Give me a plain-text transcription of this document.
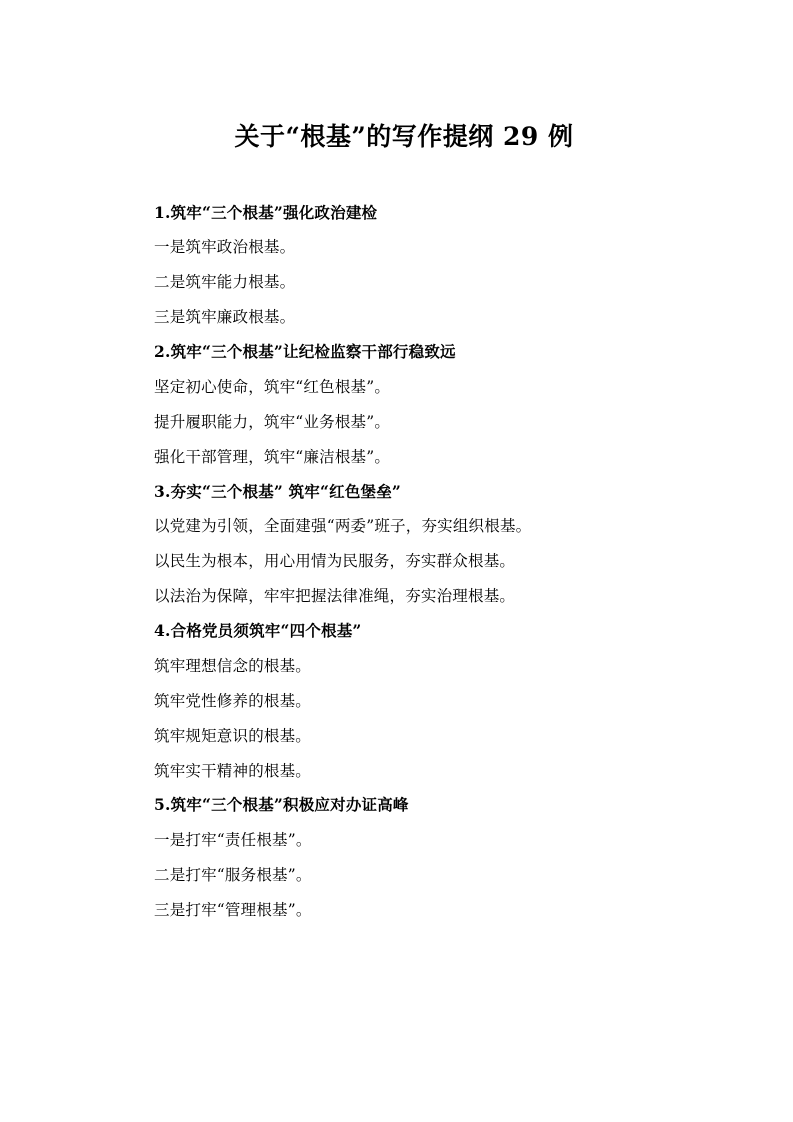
关于“根基”的写作提纲 29 例
1.筑牢“三个根基”强化政治建检
一是筑牢政治根基。
二是筑牢能力根基。
三是筑牢廉政根基。
2.筑牢“三个根基”让纪检监察干部行稳致远
坚定初心使命，筑牢“红色根基”。
提升履职能力，筑牢“业务根基”。
强化干部管理，筑牢“廉洁根基”。
3.夯实“三个根基” 筑牢“红色堡垒”
以党建为引领，全面建强“两委”班子，夯实组织根基。
以民生为根本，用心用情为民服务，夯实群众根基。
以法治为保障，牢牢把握法律准绳，夯实治理根基。
4.合格党员须筑牢“四个根基”
筑牢理想信念的根基。
筑牢党性修养的根基。
筑牢规矩意识的根基。
筑牢实干精神的根基。
5.筑牢“三个根基”积极应对办证高峰
一是打牢“责任根基”。
二是打牢“服务根基”。
三是打牢“管理根基”。
